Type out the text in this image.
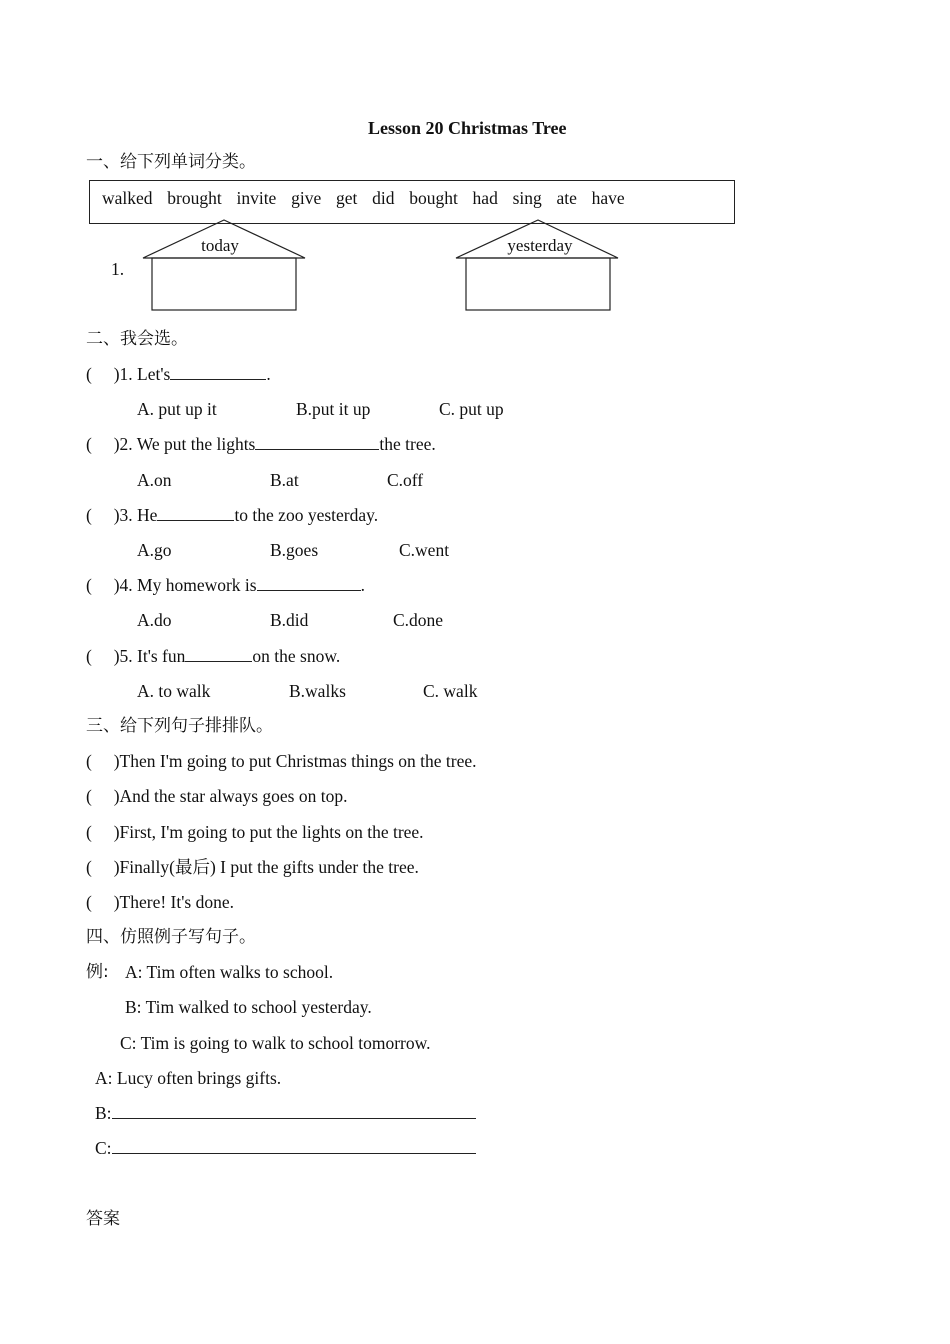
Lesson 20 Christmas Tree
一、给下列单词分类。
walked  brought  invite  give  get  did  bought  had  sing  ate  have
1.
today	yesterday
二、我会选。
(     )1. Let's	.
A. put up it	B.put it up	C. put up
(     )2. We put the lights	the tree.
A.on	B.at	C.off
(     )3. He	to the zoo yesterday.
A.go	B.goes	C.went
(     )4. My homework is	.
A.do	B.did	C.done
(     )5. It's fun	on the snow.
A. to walk	B.walks	C. walk
三、给下列句子排排队。
(     )Then I'm going to put Christmas things on the tree.
(     )And the star always goes on top.
(     )First, I'm going to put the lights on the tree.
(     )Finally(最后) I put the gifts under the tree.
(     )There! It's done.
四、仿照例子写句子。
例: A: Tim often walks to school.
B: Tim walked to school yesterday.
C: Tim is going to walk to school tomorrow.
A: Lucy often brings gifts.
B:
C:
答案
